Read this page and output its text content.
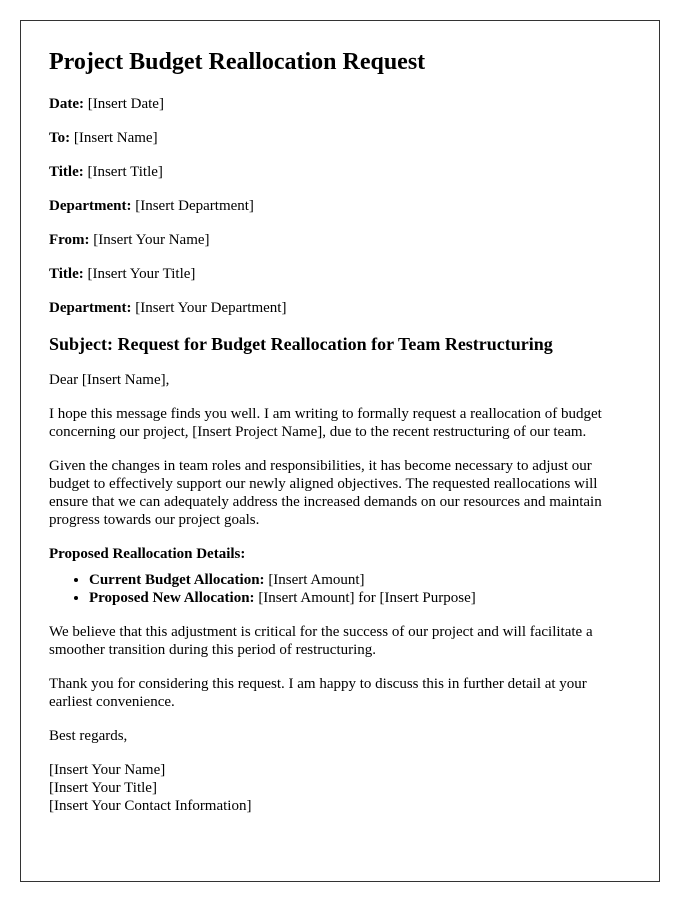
Project Budget Reallocation Request
Date: [Insert Date]
To: [Insert Name]
Title: [Insert Title]
Department: [Insert Department]
From: [Insert Your Name]
Title: [Insert Your Title]
Department: [Insert Your Department]
Subject: Request for Budget Reallocation for Team Restructuring

Dear [Insert Name],

I hope this message finds you well. I am writing to formally request a reallocation of budget concerning our project, [Insert Project Name], due to the recent restructuring of our team.

Given the changes in team roles and responsibilities, it has become necessary to adjust our budget to effectively support our newly aligned objectives. The requested reallocations will ensure that we can adequately address the increased demands on our resources and maintain progress towards our project goals.

Proposed Reallocation Details:

• Current Budget Allocation: [Insert Amount]
• Proposed New Allocation: [Insert Amount] for [Insert Purpose]

We believe that this adjustment is critical for the success of our project and will facilitate a smoother transition during this period of restructuring.

Thank you for considering this request. I am happy to discuss this in further detail at your earliest convenience.

Best regards,

[Insert Your Name]

[Insert Your Title]

[Insert Your Contact Information]
